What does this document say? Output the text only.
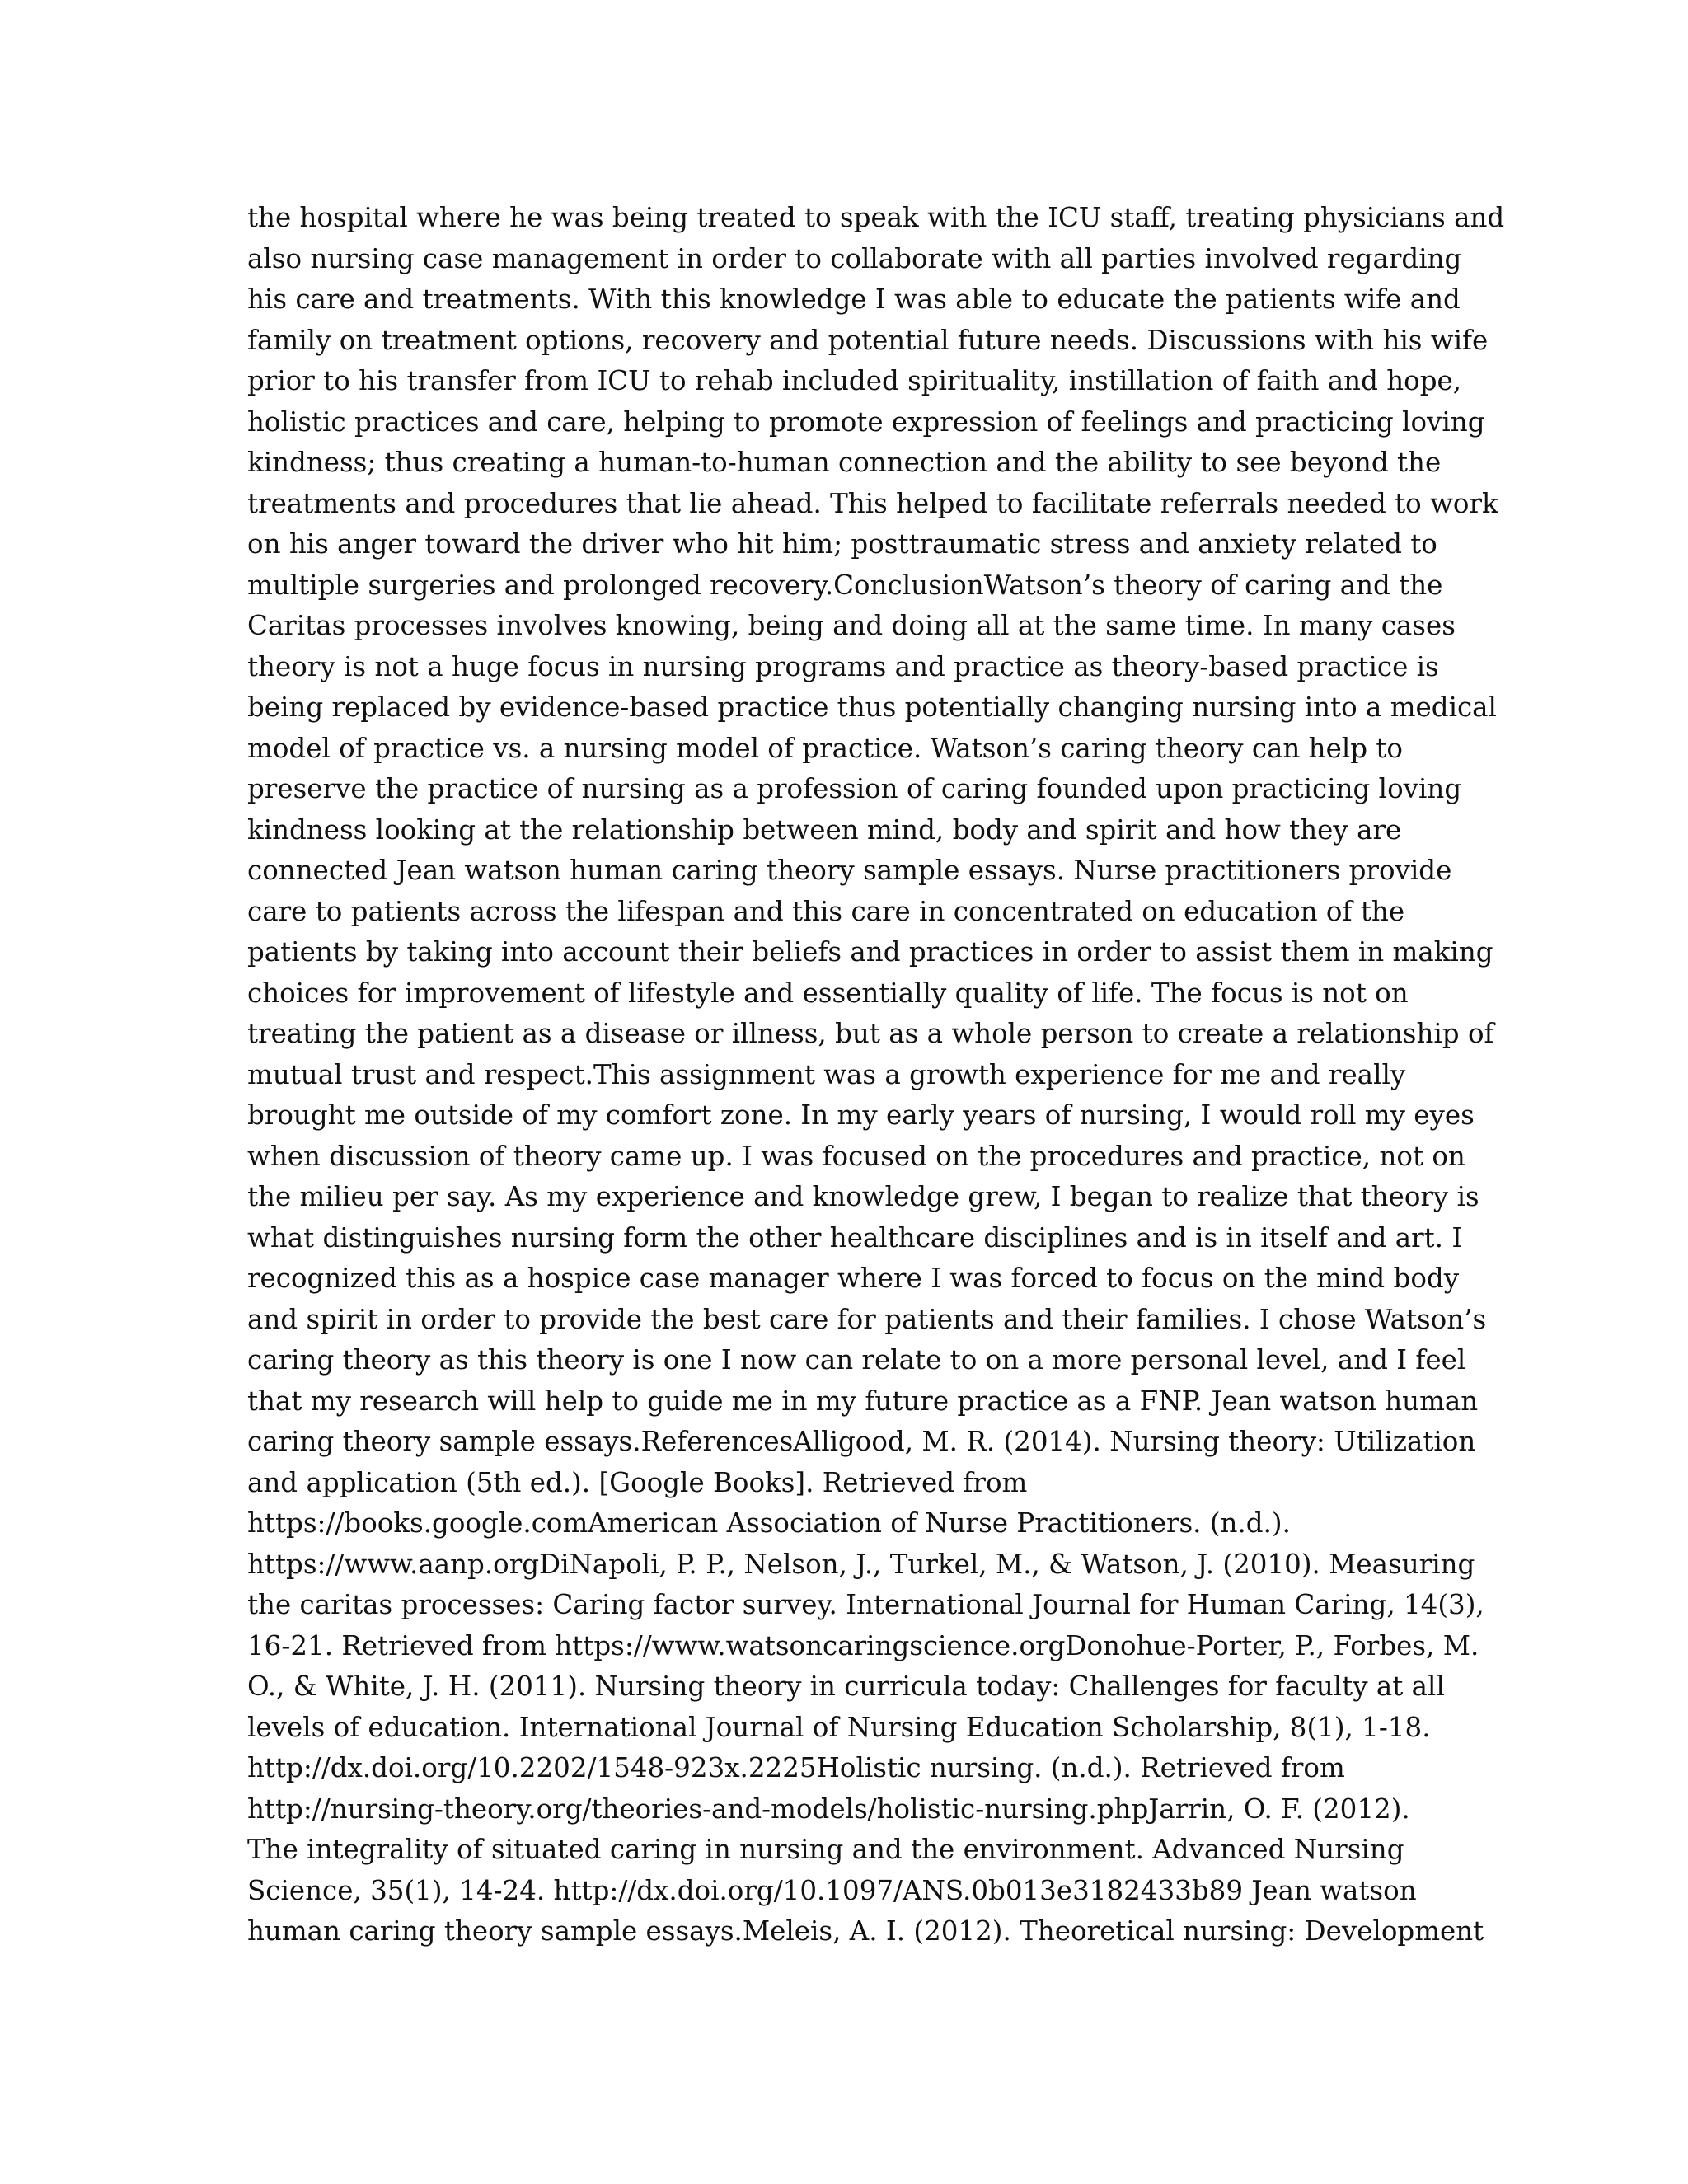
the hospital where he was being treated to speak with the ICU staff, treating physicians and
also nursing case management in order to collaborate with all parties involved regarding
his care and treatments. With this knowledge I was able to educate the patients wife and
family on treatment options, recovery and potential future needs. Discussions with his wife
prior to his transfer from ICU to rehab included spirituality, instillation of faith and hope,
holistic practices and care, helping to promote expression of feelings and practicing loving
kindness; thus creating a human-to-human connection and the ability to see beyond the
treatments and procedures that lie ahead. This helped to facilitate referrals needed to work
on his anger toward the driver who hit him; posttraumatic stress and anxiety related to
multiple surgeries and prolonged recovery.ConclusionWatson’s theory of caring and the
Caritas processes involves knowing, being and doing all at the same time. In many cases
theory is not a huge focus in nursing programs and practice as theory-based practice is
being replaced by evidence-based practice thus potentially changing nursing into a medical
model of practice vs. a nursing model of practice. Watson’s caring theory can help to
preserve the practice of nursing as a profession of caring founded upon practicing loving
kindness looking at the relationship between mind, body and spirit and how they are
connected Jean watson human caring theory sample essays. Nurse practitioners provide
care to patients across the lifespan and this care in concentrated on education of the
patients by taking into account their beliefs and practices in order to assist them in making
choices for improvement of lifestyle and essentially quality of life. The focus is not on
treating the patient as a disease or illness, but as a whole person to create a relationship of
mutual trust and respect.This assignment was a growth experience for me and really
brought me outside of my comfort zone. In my early years of nursing, I would roll my eyes
when discussion of theory came up. I was focused on the procedures and practice, not on
the milieu per say. As my experience and knowledge grew, I began to realize that theory is
what distinguishes nursing form the other healthcare disciplines and is in itself and art. I
recognized this as a hospice case manager where I was forced to focus on the mind body
and spirit in order to provide the best care for patients and their families. I chose Watson’s
caring theory as this theory is one I now can relate to on a more personal level, and I feel
that my research will help to guide me in my future practice as a FNP. Jean watson human
caring theory sample essays.ReferencesAlligood, M. R. (2014). Nursing theory: Utilization
and application (5th ed.). [Google Books]. Retrieved from
https://books.google.comAmerican Association of Nurse Practitioners. (n.d.).
https://www.aanp.orgDiNapoli, P. P., Nelson, J., Turkel, M., & Watson, J. (2010). Measuring
the caritas processes: Caring factor survey. International Journal for Human Caring, 14(3),
16-21. Retrieved from https://www.watsoncaringscience.orgDonohue-Porter, P., Forbes, M.
O., & White, J. H. (2011). Nursing theory in curricula today: Challenges for faculty at all
levels of education. International Journal of Nursing Education Scholarship, 8(1), 1-18.
http://dx.doi.org/10.2202/1548-923x.2225Holistic nursing. (n.d.). Retrieved from
http://nursing-theory.org/theories-and-models/holistic-nursing.phpJarrin, O. F. (2012).
The integrality of situated caring in nursing and the environment. Advanced Nursing
Science, 35(1), 14-24. http://dx.doi.org/10.1097/ANS.0b013e3182433b89 Jean watson
human caring theory sample essays.Meleis, A. I. (2012). Theoretical nursing: Development
